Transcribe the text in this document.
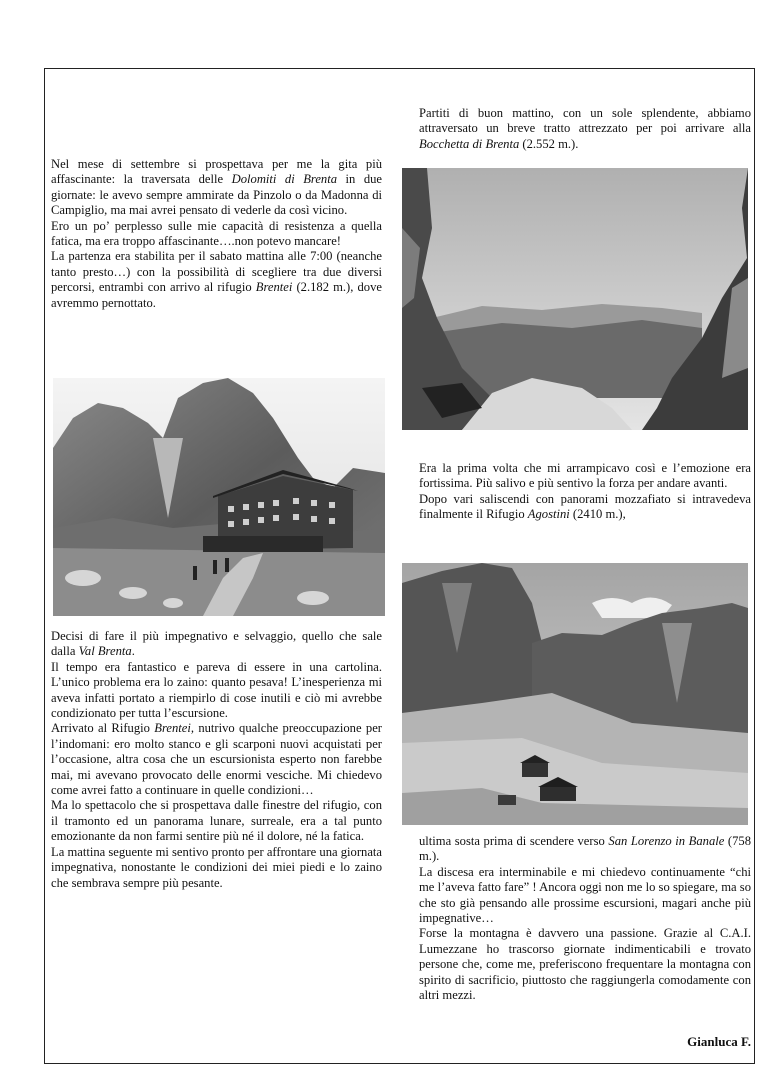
Nel mese di settembre si prospettava per me la gita più affascinante: la traversata delle Dolomiti di Brenta in due giornate: le avevo sempre ammirate da Pinzolo o da Madonna di Campiglio, ma mai avrei pensato di vederle da così vicino.

Ero un po’ perplesso sulle mie capacità di resistenza a quella fatica, ma era troppo affascinante….non potevo mancare!

La partenza era stabilita per il sabato mattina alle 7:00 (neanche tanto presto…) con la possibilità di scegliere tra due diversi percorsi, entrambi con arrivo al rifugio Brentei (2.182 m.), dove avremmo pernottato.

Decisi di fare il più impegnativo e selvaggio, quello che sale dalla Val Brenta.

Il tempo era fantastico e pareva di essere in una cartolina. L’unico problema era lo zaino: quanto pesava! L’inesperienza mi aveva infatti portato a riempirlo di cose inutili e ciò mi avrebbe condizionato per tutta l’escursione.

Arrivato al Rifugio Brentei, nutrivo qualche preoccupazione per l’indomani: ero molto stanco e gli scarponi nuovi acquistati per l’occasione, altra cosa che un escursionista esperto non farebbe mai, mi avevano provocato delle enormi vesciche. Mi chiedevo come avrei fatto a continuare in quelle condizioni…

Ma lo spettacolo che si prospettava dalle finestre del rifugio, con il tramonto ed un panorama lunare, surreale, era a tal punto emozionante da non farmi sentire più né il dolore, né la fatica.

La mattina seguente mi sentivo pronto per affrontare una giornata impegnativa, nonostante le condizioni dei miei piedi e lo zaino che sembrava sempre più pesante.

Partiti di buon mattino, con un sole splendente, abbiamo attraversato un breve tratto attrezzato per poi arrivare alla Bocchetta di Brenta (2.552 m.).

Era la prima volta che mi arrampicavo così e l’emozione era fortissima. Più salivo e più sentivo la forza per andare avanti.

Dopo vari saliscendi con panorami mozzafiato si intravedeva finalmente il Rifugio Agostini (2410 m.),

ultima sosta prima di scendere verso San Lorenzo in Banale (758 m.).

La discesa era interminabile e mi chiedevo continuamente “chi me l’aveva fatto fare” ! Ancora oggi non me lo so spiegare, ma so che sto già pensando alle prossime escursioni, magari anche più impegnative…

Forse la montagna è davvero una passione. Grazie al C.A.I. Lumezzane ho trascorso giornate indimenticabili e trovato persone che, come me, preferiscono frequentare la montagna con spirito di sacrificio, piuttosto che raggiungerla comodamente con altri mezzi.

Gianluca F.
